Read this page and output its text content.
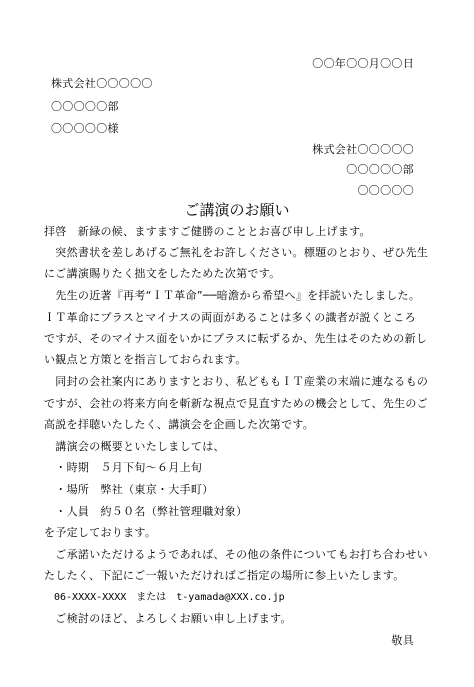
〇〇年〇〇月〇〇日
株式会社〇〇〇〇〇
〇〇〇〇〇部
〇〇〇〇〇様
株式会社〇〇〇〇〇
〇〇〇〇〇部
〇〇〇〇〇
ご講演のお願い
拝啓　新緑の候、ますますご健勝のこととお喜び申し上げます。
　突然書状を差しあげるご無礼をお許しください。標題のとおり、ぜひ先生
にご講演賜りたく拙文をしたためた次第です。
　先生の近著『再考“ＩＴ革命”──暗澹から希望へ』を拝読いたしました。
ＩＴ革命にプラスとマイナスの両面があることは多くの識者が説くところ
ですが、そのマイナス面をいかにプラスに転ずるか、先生はそのための新し
い観点と方策とを指言しておられます。
　同封の会社案内にありますとおり、私どももＩＴ産業の末端に連なるもの
ですが、会社の将来方向を斬新な視点で見直すための機会として、先生のご
高説を拝聴いたしたく、講演会を企画した次第です。
　講演会の概要といたしましては、
　・時期　５月下旬～６月上旬
　・場所　弊社（東京・大手町）
　・人員　約５０名（弊社管理職対象）
を予定しております。
　ご承諾いただけるようであれば、その他の条件についてもお打ち合わせい
たしたく、下記にご一報いただければご指定の場所に参上いたします。
　06-XXXX-XXXX　または　t-yamada@XXX.co.jp
　ご検討のほど、よろしくお願い申し上げます。
敬具
